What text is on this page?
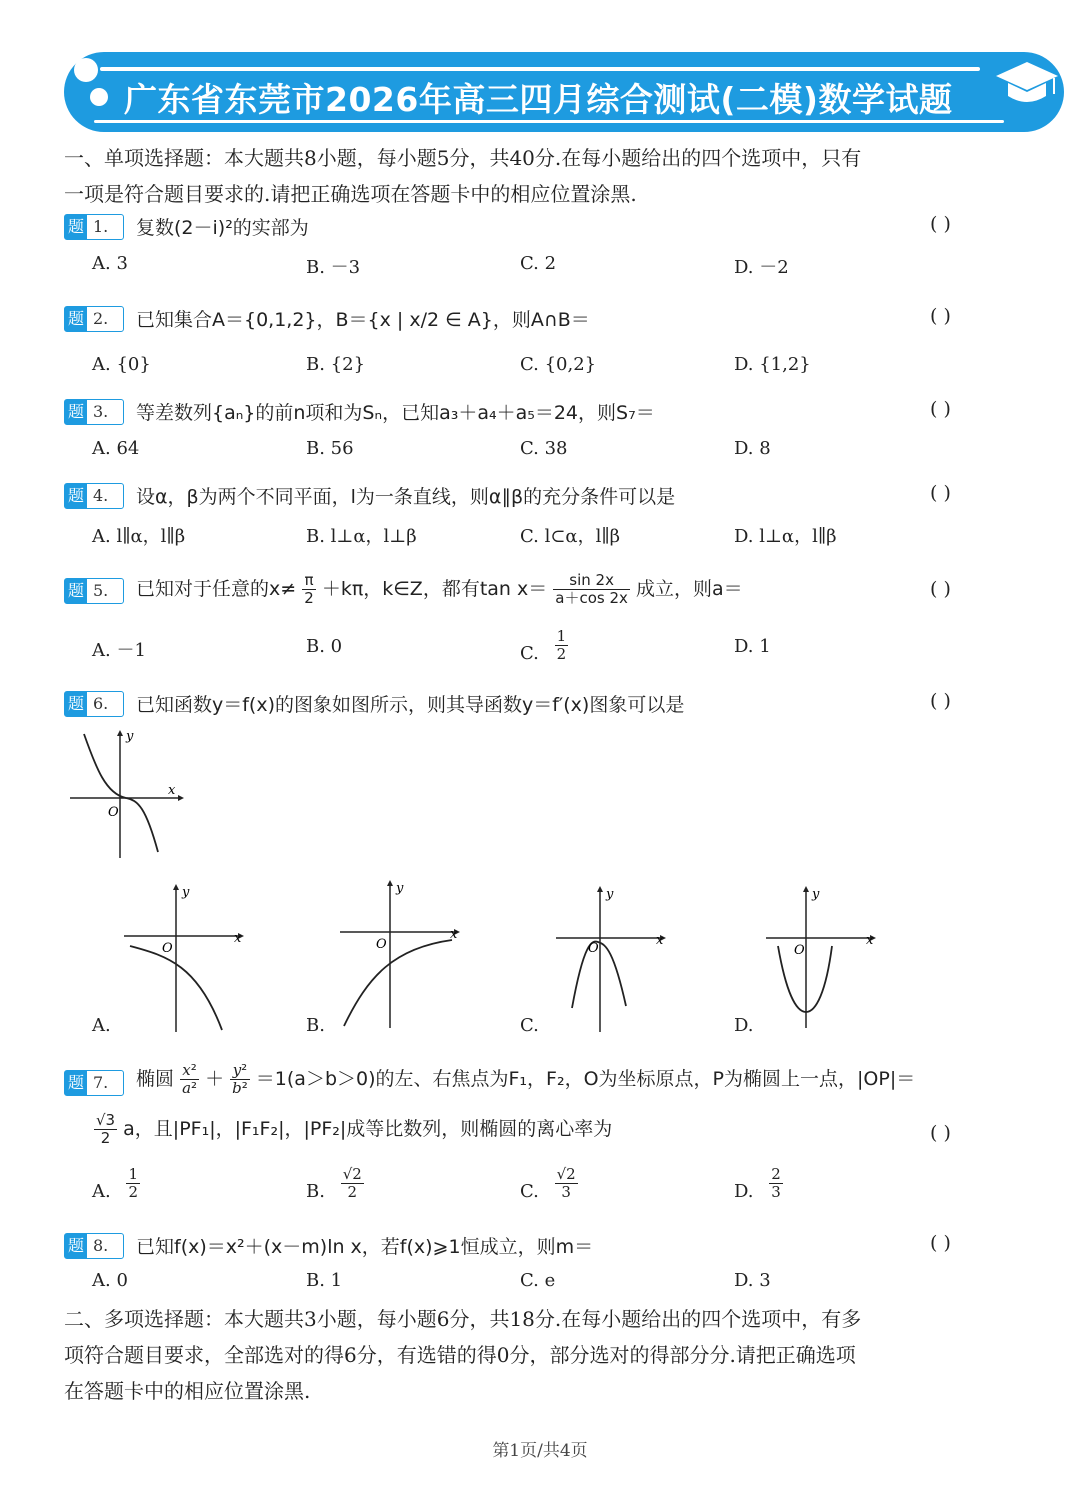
广东省东莞市2026年高三四月综合测试(二模)数学试题
一、单项选择题：本大题共8小题，每小题5分，共40分.在每小题给出的四个选项中，只有
一项是符合题目要求的.请把正确选项在答题卡中的相应位置涂黑.
题 1. 复数(2－i)²的实部为	( )
A. 3	B. －3	C. 2	D. －2
题 2. 已知集合A＝{0,1,2}，B＝{x | x/2 ∈ A}，则A∩B＝	( )
A. {0}	B. {2}	C. {0,2}	D. {1,2}
题 3. 等差数列{aₙ}的前n项和为Sₙ，已知a₃＋a₄＋a₅＝24，则S₇＝	( )
A. 64	B. 56	C. 38	D. 8
题 4. 设α，β为两个不同平面，l为一条直线，则α∥β的充分条件可以是	( )
A. l∥α，l∥β	B. l⊥α，l⊥β	C. l⊂α，l∥β	D. l⊥α，l∥β
题 5. 已知对于任意的$x\ne \frac{\pi}{2} +k\pi$，k∈Z，都有$\tan x= \frac{\sin 2x}{a+\cos 2x}$ 成立，则a＝	( )
A. －1	B. 0	C. $\frac{1}{2}$	D. 1
题 6. 已知函数y＝f(x)的图象如图所示，则其导函数y＝f′(x)图象可以是	( )
y
x
O
y
x
O
A.
y
x
O
B.
y
x
O
C.
y
x
O
D.
题 7. 椭圆 $\frac{\text{x²}}{\text{a²}} + \frac{\text{y²}}{\text{b²}} =1(a>b>0)$的左、右焦点为F₁，F₂，O为坐标原点，P为椭圆上一点，|OP|＝
$\frac{√3}{2}$ a，且|PF₁|，|F₁F₂|，|PF₂|成等比数列，则椭圆的离心率为	( )
A. $\frac{1}{2}$	B. $\frac{√2}{2}$	C. $\frac{√2}{3}$	D. $\frac{2}{3}$
题 8. 已知f(x)＝x²＋(x－m)ln x，若f(x)⩾1恒成立，则m＝	( )
A. 0	B. 1	C. e	D. 3
二、多项选择题：本大题共3小题，每小题6分，共18分.在每小题给出的四个选项中，有多
项符合题目要求，全部选对的得6分，有选错的得0分，部分选对的得部分分.请把正确选项
在答题卡中的相应位置涂黑.
第1页/共4页
